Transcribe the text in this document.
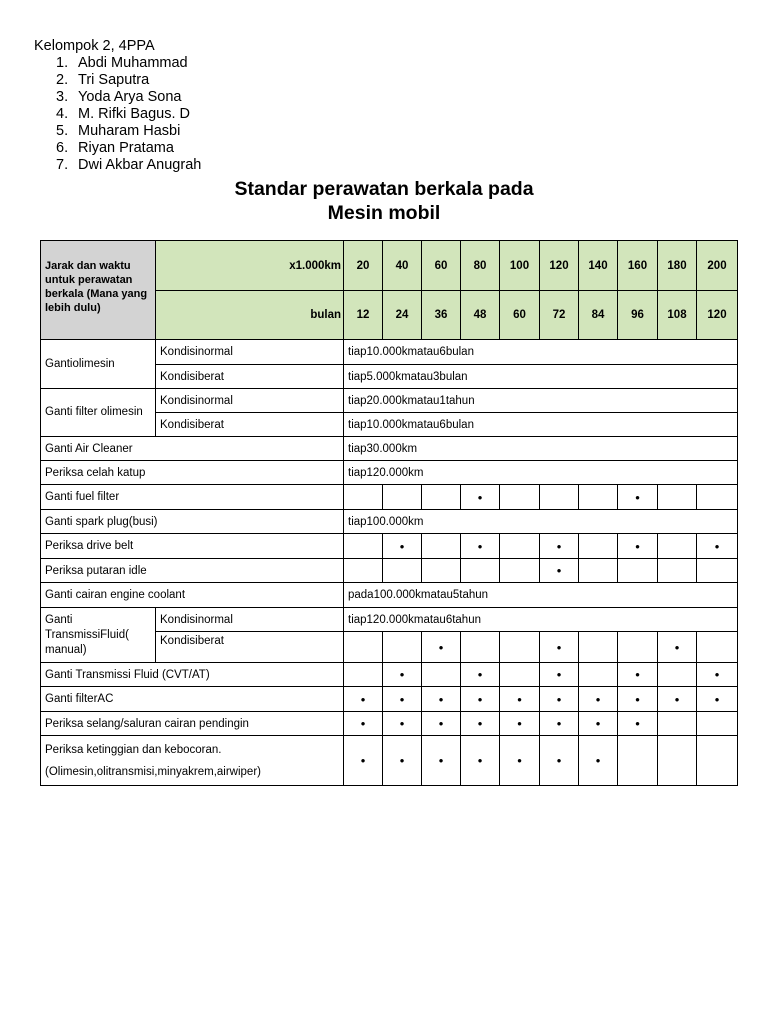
Kelompok 2, 4PPA
Abdi Muhammad
Tri Saputra
Yoda Arya Sona
M. Rifki Bagus. D
Muharam Hasbi
Riyan Pratama
Dwi Akbar Anugrah
Standar perawatan berkala pada
Mesin mobil
Jarak dan waktu untuk perawatan berkala (Mana yang lebih dulu)	x1.000km	20	40	60	80	100	120	140	160	180	200
	bulan	12	24	36	48	60	72	84	96	108	120
Gantiolimesin	Kondisinormal	tiap10.000kmatau6bulan									
	Kondisiberat	tiap5.000kmatau3bulan									
Ganti filter olimesin	Kondisinormal	tiap20.000kmatau1tahun									
	Kondisiberat	tiap10.000kmatau6bulan									
Ganti Air Cleaner		tiap30.000km									
Periksa celah katup		tiap120.000km									
Ganti fuel filter					•				•		
Ganti spark plug(busi)		tiap100.000km									
Periksa drive belt			•		•		•		•		•
Periksa putaran idle							•				
Ganti cairan engine coolant		pada100.000kmatau5tahun									
Ganti TransmissiFluid( manual)	Kondisinormal	tiap120.000kmatau6tahun									
	Kondisiberat			•			•			•	
Ganti Transmissi Fluid (CVT/AT)			•		•		•		•		•
Ganti filterAC		•	•	•	•	•	•	•	•	•	•
Periksa selang/saluran cairan pendingin		•	•	•	•	•	•	•	•		

Periksa ketinggian dan kebocoran.
(Olimesin,olitransmisi,minyakrem,airwiper)		•	•	•	•	•	•	•			
